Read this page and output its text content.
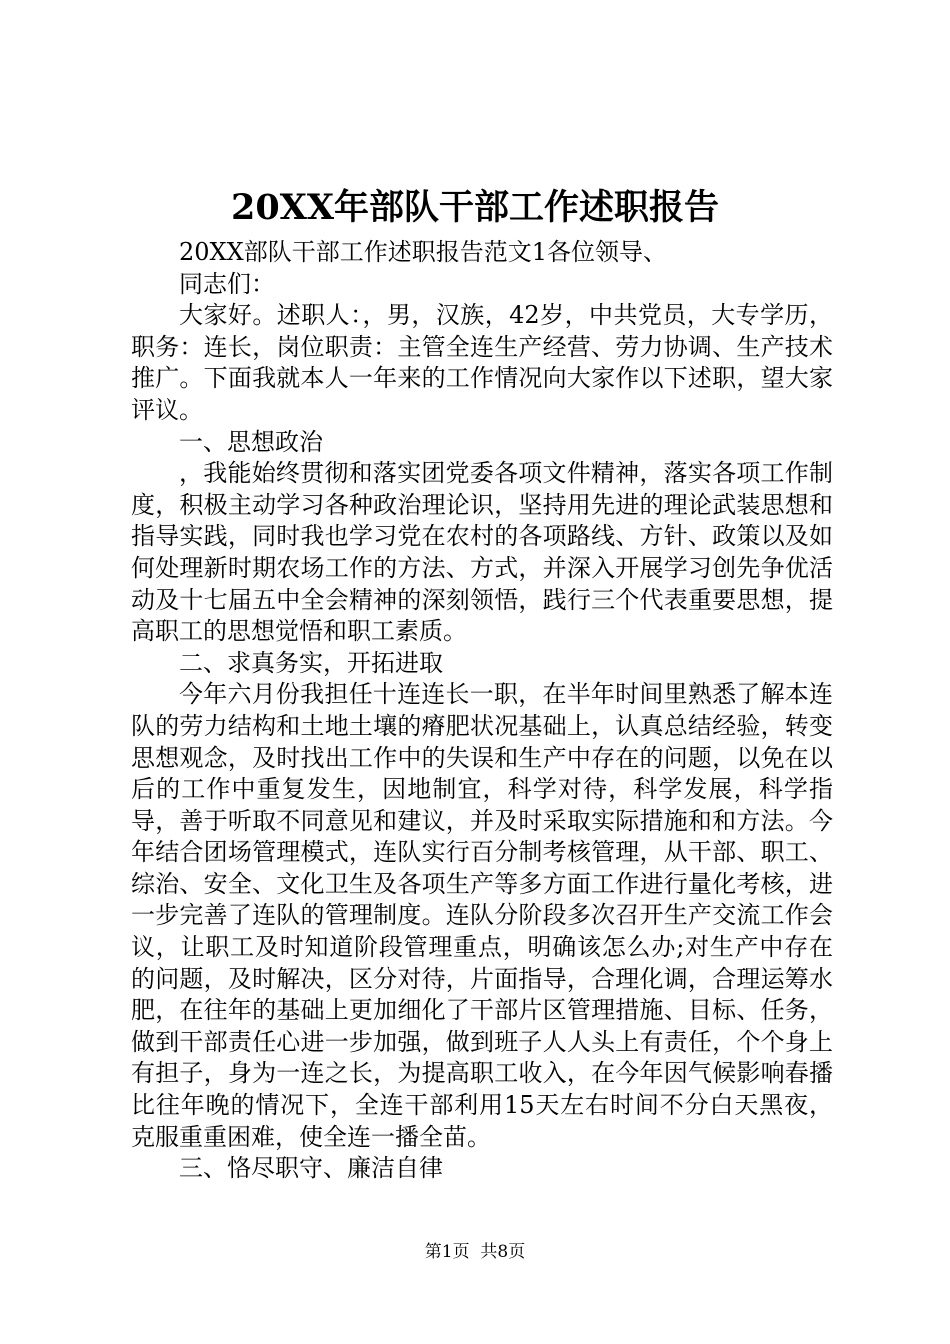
20XX年部队干部工作述职报告

20XX部队干部工作述职报告范文1各位领导、

同志们：

大家好。述职人：，男，汉族，42岁，中共党员，大专学历，职务：连长，岗位职责：主管全连生产经营、劳力协调、生产技术推广。下面我就本人一年来的工作情况向大家作以下述职，望大家评议。

一、思想政治

，我能始终贯彻和落实团党委各项文件精神，落实各项工作制度，积极主动学习各种政治理论识，坚持用先进的理论武装思想和指导实践，同时我也学习党在农村的各项路线、方针、政策以及如何处理新时期农场工作的方法、方式，并深入开展学习创先争优活动及十七届五中全会精神的深刻领悟，践行三个代表重要思想，提高职工的思想觉悟和职工素质。

二、求真务实，开拓进取

今年六月份我担任十连连长一职，在半年时间里熟悉了解本连队的劳力结构和土地土壤的瘠肥状况基础上，认真总结经验，转变思想观念，及时找出工作中的失误和生产中存在的问题，以免在以后的工作中重复发生，因地制宜，科学对待，科学发展，科学指导，善于听取不同意见和建议，并及时采取实际措施和和方法。今年结合团场管理模式，连队实行百分制考核管理，从干部、职工、综治、安全、文化卫生及各项生产等多方面工作进行量化考核，进一步完善了连队的管理制度。连队分阶段多次召开生产交流工作会议，让职工及时知道阶段管理重点，明确该怎么办;对生产中存在的问题，及时解决，区分对待，片面指导，合理化调，合理运筹水肥，在往年的基础上更加细化了干部片区管理措施、目标、任务，做到干部责任心进一步加强，做到班子人人头上有责任，个个身上有担子，身为一连之长，为提高职工收入，在今年因气候影响春播比往年晚的情况下，全连干部利用15天左右时间不分白天黑夜，克服重重困难，使全连一播全苗。

三、恪尽职守、廉洁自律

第1页  共8页
